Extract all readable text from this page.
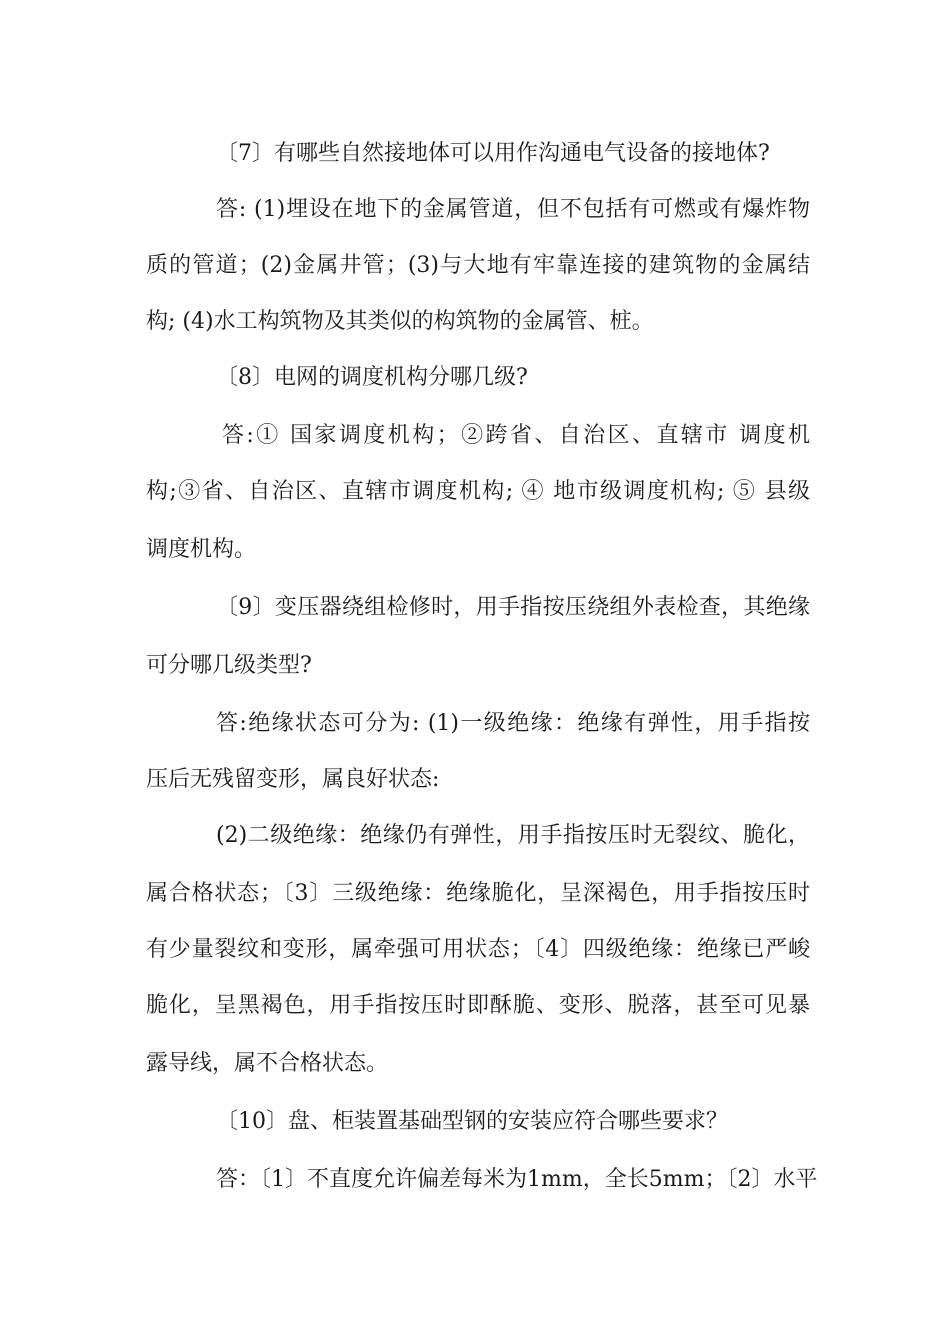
〔7〕有哪些自然接地体可以用作沟通电气设备的接地体?
答: (1)埋设在地下的金属管道，但不包括有可燃或有爆炸物
质的管道；(2)金属井管；(3)与大地有牢靠连接的建筑物的金属结
构; (4)水工构筑物及其类似的构筑物的金属管、桩。
〔8〕电网的调度机构分哪几级?
答:① 国家调度机构；②跨省、自治区、直辖市 调度机
构;③省、自治区、直辖市调度机构; ④ 地市级调度机构; ⑤ 县级
调度机构。
〔9〕变压器绕组检修时，用手指按压绕组外表检查，其绝缘
可分哪几级类型?
答:绝缘状态可分为: (1)一级绝缘：绝缘有弹性，用手指按
压后无残留变形，属良好状态:
(2)二级绝缘：绝缘仍有弹性，用手指按压时无裂纹、脆化，
属合格状态；〔3〕三级绝缘：绝缘脆化，呈深褐色，用手指按压时
有少量裂纹和变形，属牵强可用状态；〔4〕四级绝缘：绝缘已严峻
脆化，呈黑褐色，用手指按压时即酥脆、变形、脱落，甚至可见暴
露导线，属不合格状态。
〔10〕盘、柜装置基础型钢的安装应符合哪些要求？
答：〔1〕不直度允许偏差每米为1mm，全长5mm；〔2〕水平
